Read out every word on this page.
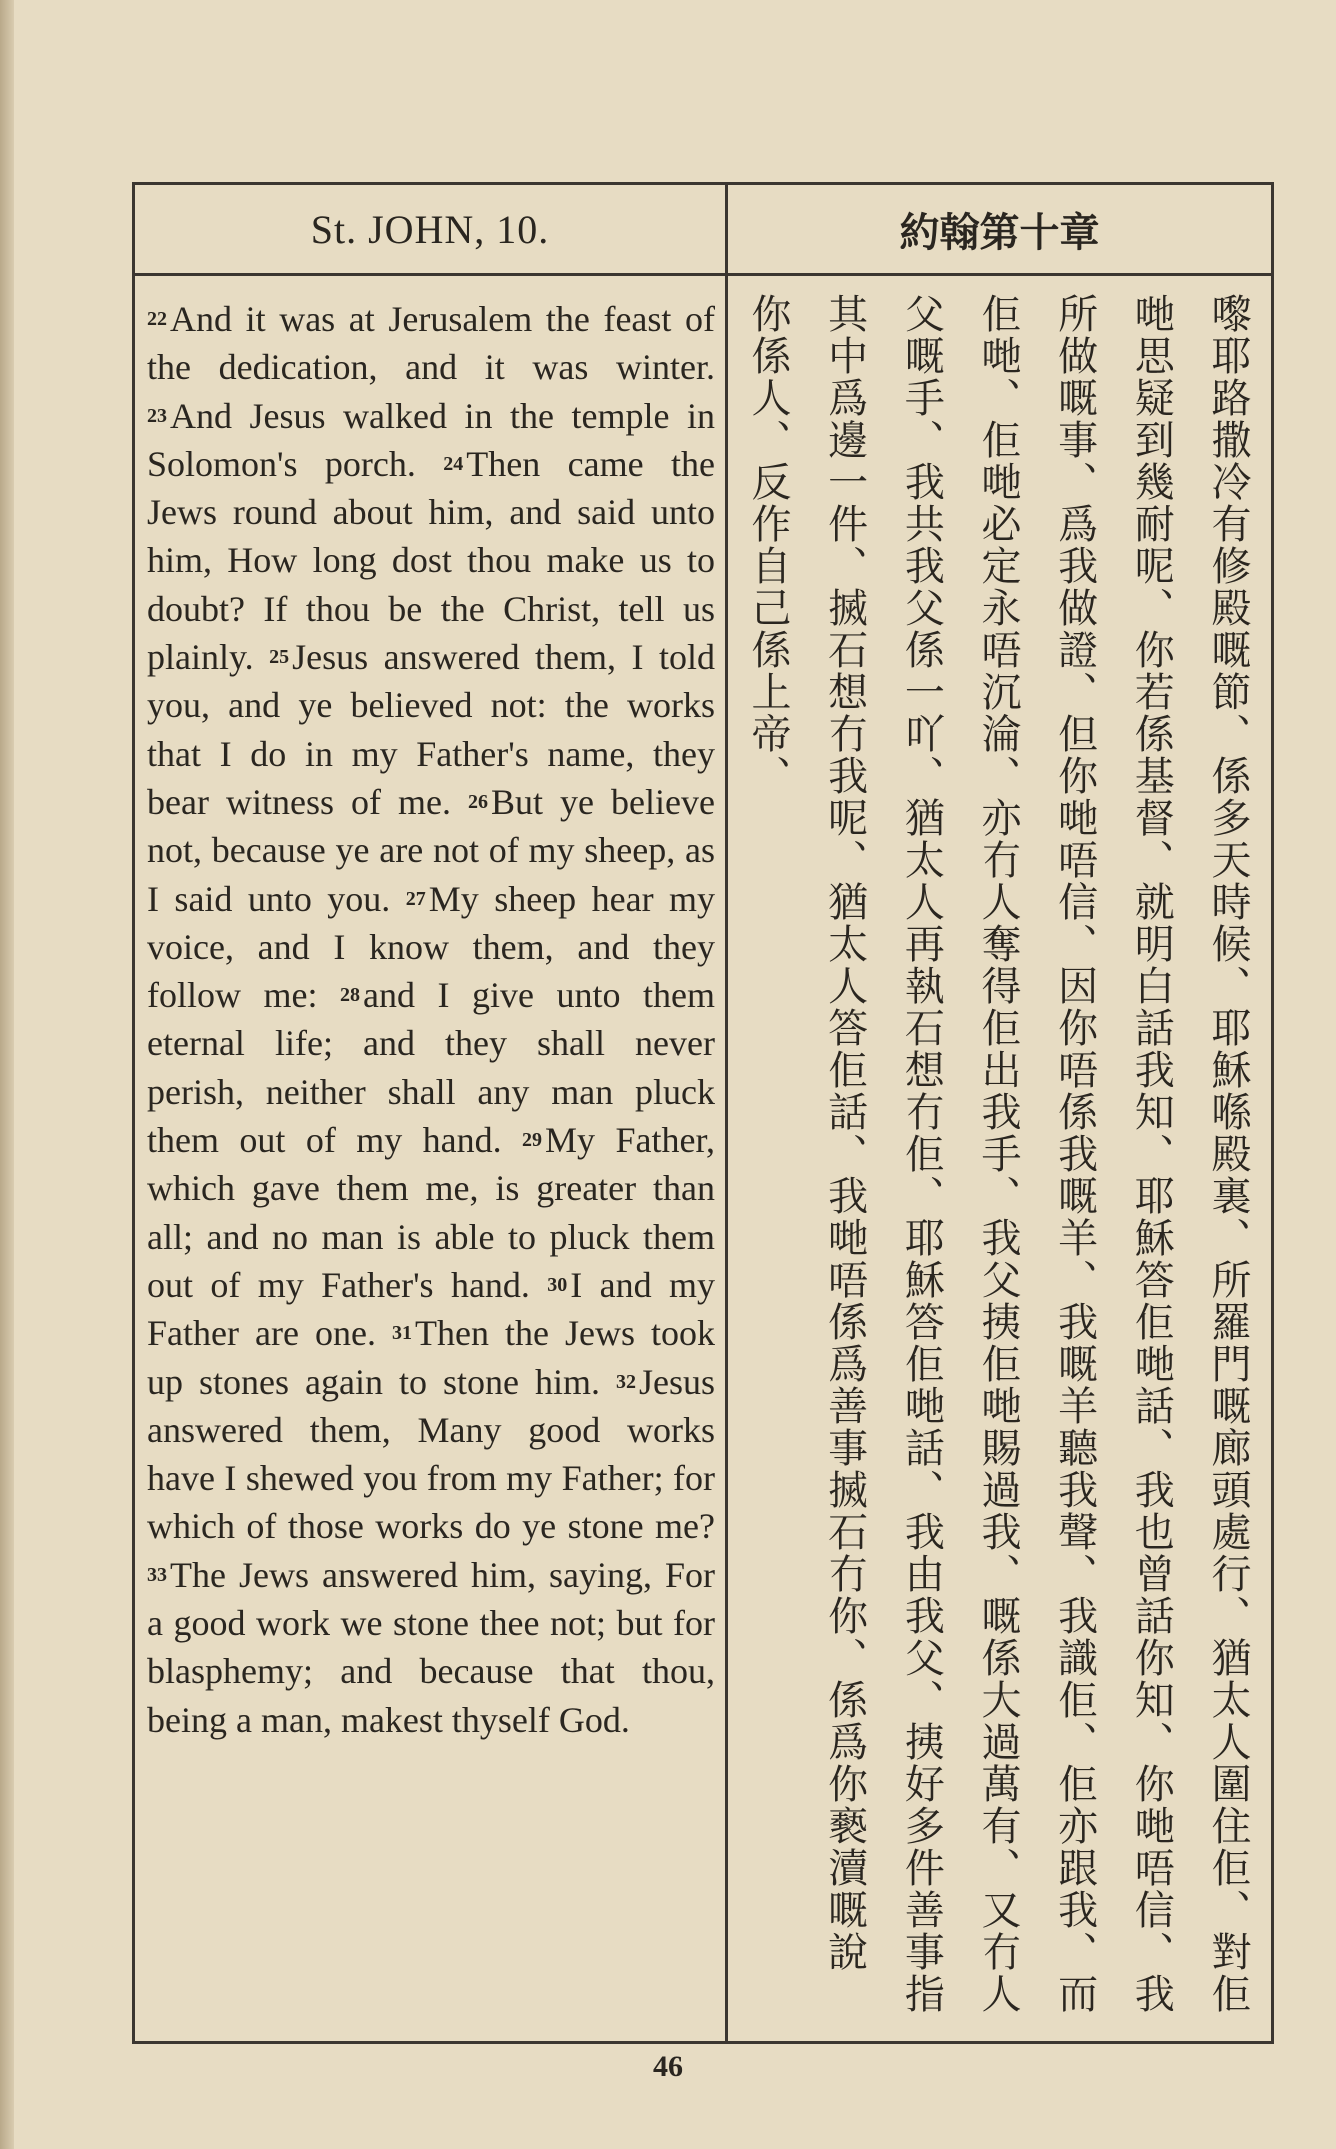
St. JOHN, 10.	約翰第十章
22And it was at Jerusalem the feast of the dedication, and it was winter. 23And Jesus walked in the temple in Solomon's porch. 24Then came the Jews round about him, and said unto him, How long dost thou make us to doubt? If thou be the Christ, tell us plainly. 25Jesus answered them, I told you, and ye believed not: the works that I do in my Father's name, they bear witness of me. 26But ye believe not, because ye are not of my sheep, as I said unto you. 27My sheep hear my voice, and I know them, and they follow me: 28and I give unto them eternal life; and they shall never perish, neither shall any man pluck them out of my hand. 29My Father, which gave them me, is greater than all; and no man is able to pluck them out of my Father's hand. 30I and my Father are one. 31Then the Jews took up stones again to stone him. 32Jesus answered them, Many good works have I shewed you from my Father; for which of those works do ye stone me? 33The Jews answered him, saying, For a good work we stone thee not; but for blasphemy; and because that thou, being a man, makest thyself God.
嚟耶路撒冷有修殿嘅節、係多天時候、耶穌喺殿裏、所羅門嘅廊頭處行、猶太人圍住佢、對佢
哋思疑到幾耐呢、你若係基督、就明白話我知、耶穌答佢哋話、我也曾話你知、你哋唔信、我
所做嘅事、爲我做證、但你哋唔信、因你唔係我嘅羊、我嘅羊聽我聲、我識佢、佢亦跟我、而
佢哋、佢哋必定永唔沉淪、亦冇人奪得佢出我手、我父挗佢哋賜過我、嘅係大過萬有、又冇人
父嘅手、我共我父係一吖、猶太人再執石想冇佢、耶穌答佢哋話、我由我父、挗好多件善事指
其中爲邊一件、搣石想冇我呢、猶太人答佢話、我哋唔係爲善事搣石冇你、係爲你褻瀆嘅說
你係人、反作自己係上帝、
46
